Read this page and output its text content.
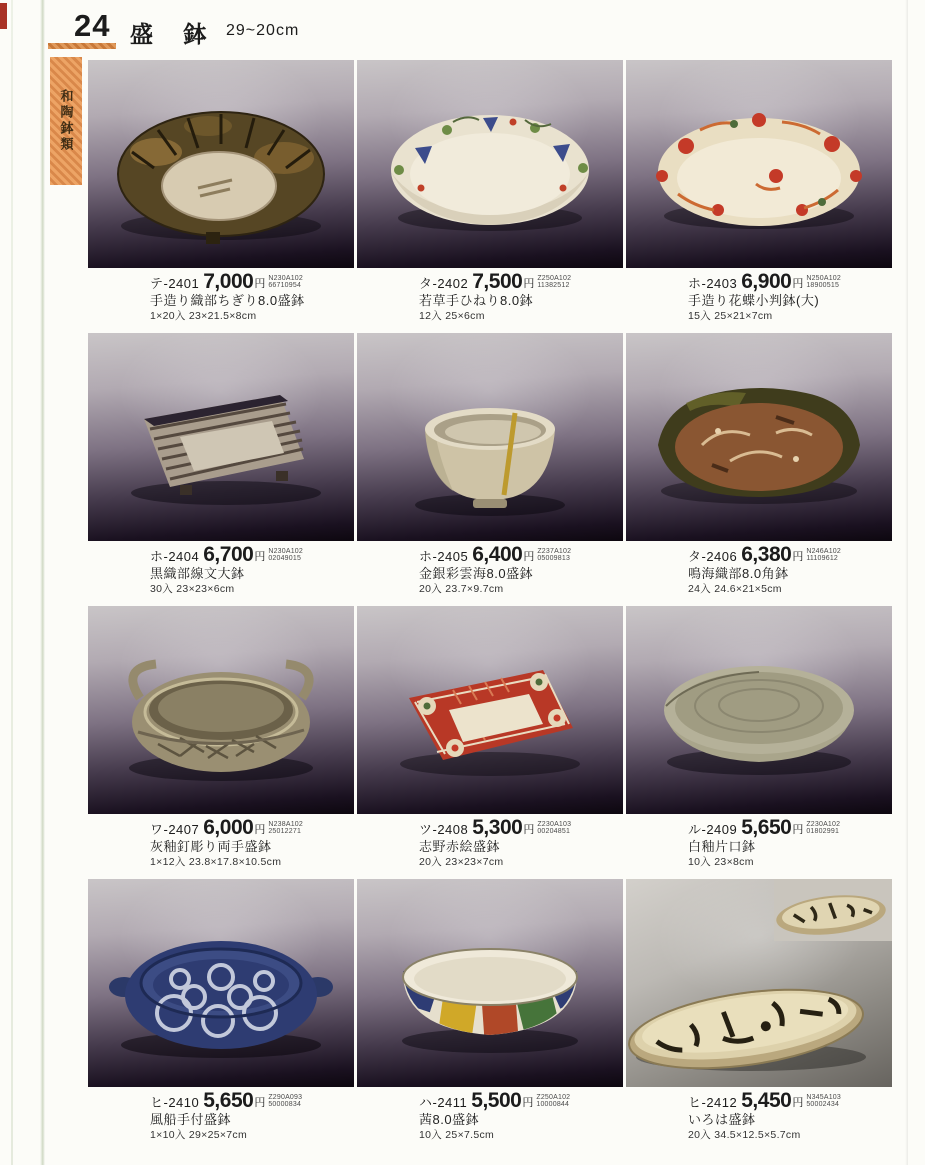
24 盛 鉢 29~20cm
和陶鉢類
テ-2401 7,000 円 N230A102
66710954
手造り織部ちぎり8.0盛鉢
1×20入 23×21.5×8cm
タ-2402 7,500 円 Z250A102
11382512
若草手ひねり8.0鉢
12入 25×6cm
ホ-2403 6,900 円 N250A102
18900515
手造り花蝶小判鉢(大)
15入 25×21×7cm
ホ-2404 6,700 円 N230A102
02049015
黒織部線文大鉢
30入 23×23×6cm
ホ-2405 6,400 円 Z237A102
05009813
金銀彩雲海8.0盛鉢
20入 23.7×9.7cm
タ-2406 6,380 円 N246A102
11109612
鳴海織部8.0角鉢
24入 24.6×21×5cm
ワ-2407 6,000 円 N238A102
25012271
灰釉釘彫り両手盛鉢
1×12入 23.8×17.8×10.5cm
ツ-2408 5,300 円 Z230A103
00204851
志野赤絵盛鉢
20入 23×23×7cm
ル-2409 5,650 円 Z230A102
01802991
白釉片口鉢
10入 23×8cm
ヒ-2410 5,650 円 Z290A093
50000834
風船手付盛鉢
1×10入 29×25×7cm
ハ-2411 5,500 円 Z250A102
10000844
茜8.0盛鉢
10入 25×7.5cm
ヒ-2412 5,450 円 N345A103
50002434
いろは盛鉢
20入 34.5×12.5×5.7cm
